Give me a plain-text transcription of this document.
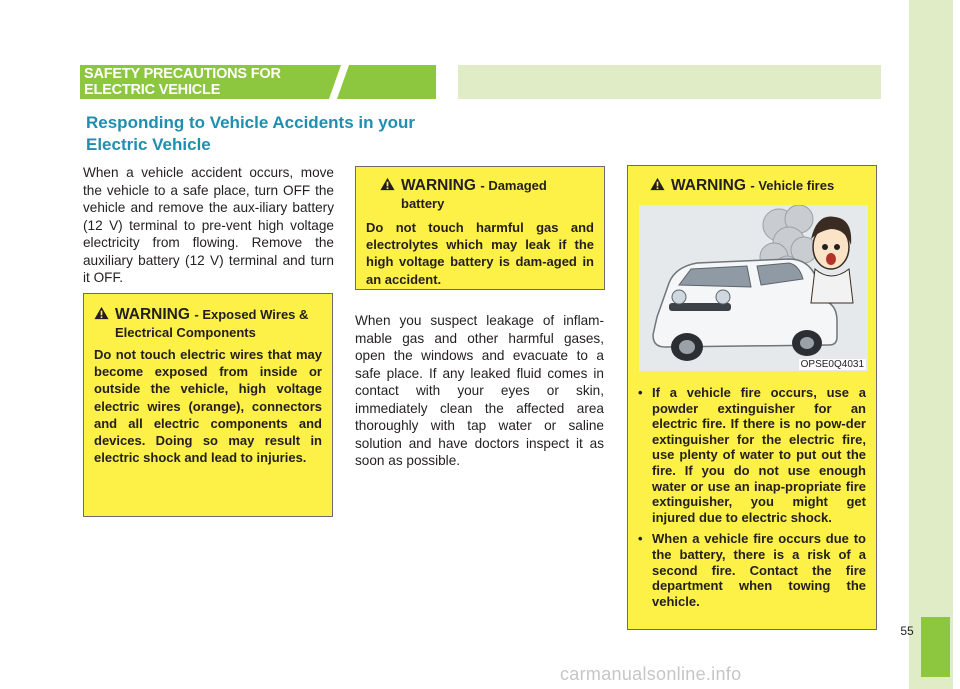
SAFETY PRECAUTIONS FOR
ELECTRIC VEHICLE
Responding to Vehicle Accidents in your
Electric Vehicle

When a vehicle accident occurs, move the vehicle to a safe place, turn OFF the vehicle and remove the aux-iliary battery (12 V) terminal to pre-vent high voltage electricity from flowing. Remove the auxiliary battery (12 V) terminal and turn it OFF.

WARNING - Exposed Wires & Electrical Components
Do not touch electric wires that may become exposed from inside or outside the vehicle, high voltage electric wires (orange), connectors and all electric components and devices. Doing so may result in electric shock and lead to injuries.
WARNING - Damaged battery
Do not touch harmful gas and electrolytes which may leak if the high voltage battery is dam-aged in an accident.

When you suspect leakage of inflam-mable gas and other harmful gases, open the windows and evacuate to a safe place. If any leaked fluid comes in contact with your eyes or skin, immediately clean the affected area thoroughly with tap water or saline solution and have doctors inspect it as soon as possible.

WARNING - Vehicle fires
OPSE0Q4031
• If a vehicle fire occurs, use a powder extinguisher for an electric fire. If there is no pow-der extinguisher for the electric fire, use plenty of water to put out the fire. If you do not use enough water or use an inap-propriate fire extinguisher, you might get injured due to electric shock.
• When a vehicle fire occurs due to the battery, there is a risk of a second fire. Contact the fire department when towing the vehicle.
55
carmanualsonline.info
